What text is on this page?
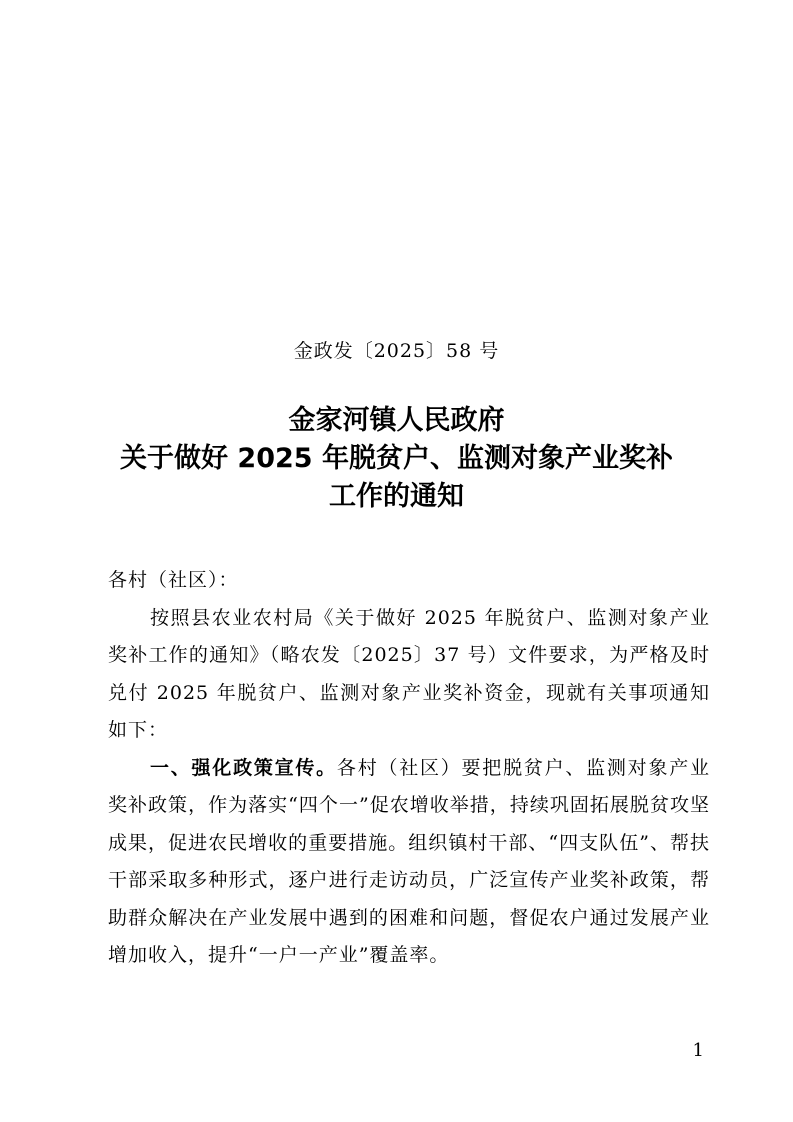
金政发〔2025〕58 号
金家河镇人民政府
关于做好 2025 年脱贫户、监测对象产业奖补
工作的通知

各村（社区）：

按照县农业农村局《关于做好 2025 年脱贫户、监测对象产业奖补工作的通知》（略农发〔2025〕37 号）文件要求，为严格及时兑付 2025 年脱贫户、监测对象产业奖补资金，现就有关事项通知如下：

一、强化政策宣传。各村（社区）要把脱贫户、监测对象产业奖补政策，作为落实“四个一”促农增收举措，持续巩固拓展脱贫攻坚成果，促进农民增收的重要措施。组织镇村干部、“四支队伍”、帮扶干部采取多种形式，逐户进行走访动员，广泛宣传产业奖补政策，帮助群众解决在产业发展中遇到的困难和问题，督促农户通过发展产业增加收入，提升“一户一产业”覆盖率。

1
